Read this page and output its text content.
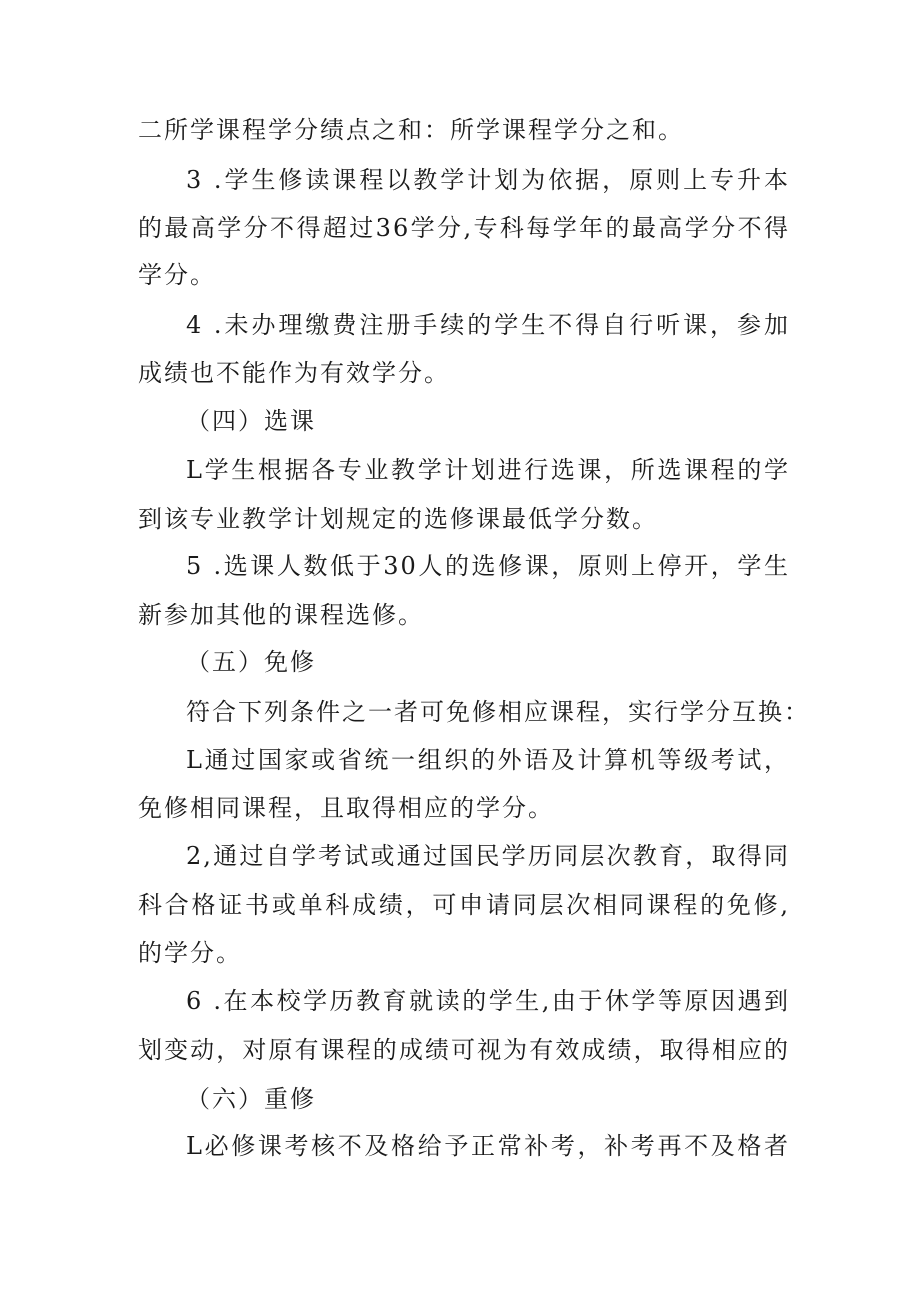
二所学课程学分绩点之和：所学课程学分之和。
3 .学生修读课程以教学计划为依据，原则上专升本
的最高学分不得超过36学分,专科每学年的最高学分不得
学分。
4 .未办理缴费注册手续的学生不得自行听课，参加
成绩也不能作为有效学分。
（四）选课
L学生根据各专业教学计划进行选课，所选课程的学
到该专业教学计划规定的选修课最低学分数。
5 .选课人数低于30人的选修课，原则上停开，学生
新参加其他的课程选修。
（五）免修
符合下列条件之一者可免修相应课程，实行学分互换：
L通过国家或省统一组织的外语及计算机等级考试，
免修相同课程，且取得相应的学分。
2,通过自学考试或通过国民学历同层次教育，取得同
科合格证书或单科成绩，可申请同层次相同课程的免修,
的学分。
6 .在本校学历教育就读的学生,由于休学等原因遇到
划变动，对原有课程的成绩可视为有效成绩，取得相应的
（六）重修
L必修课考核不及格给予正常补考，补考再不及格者
